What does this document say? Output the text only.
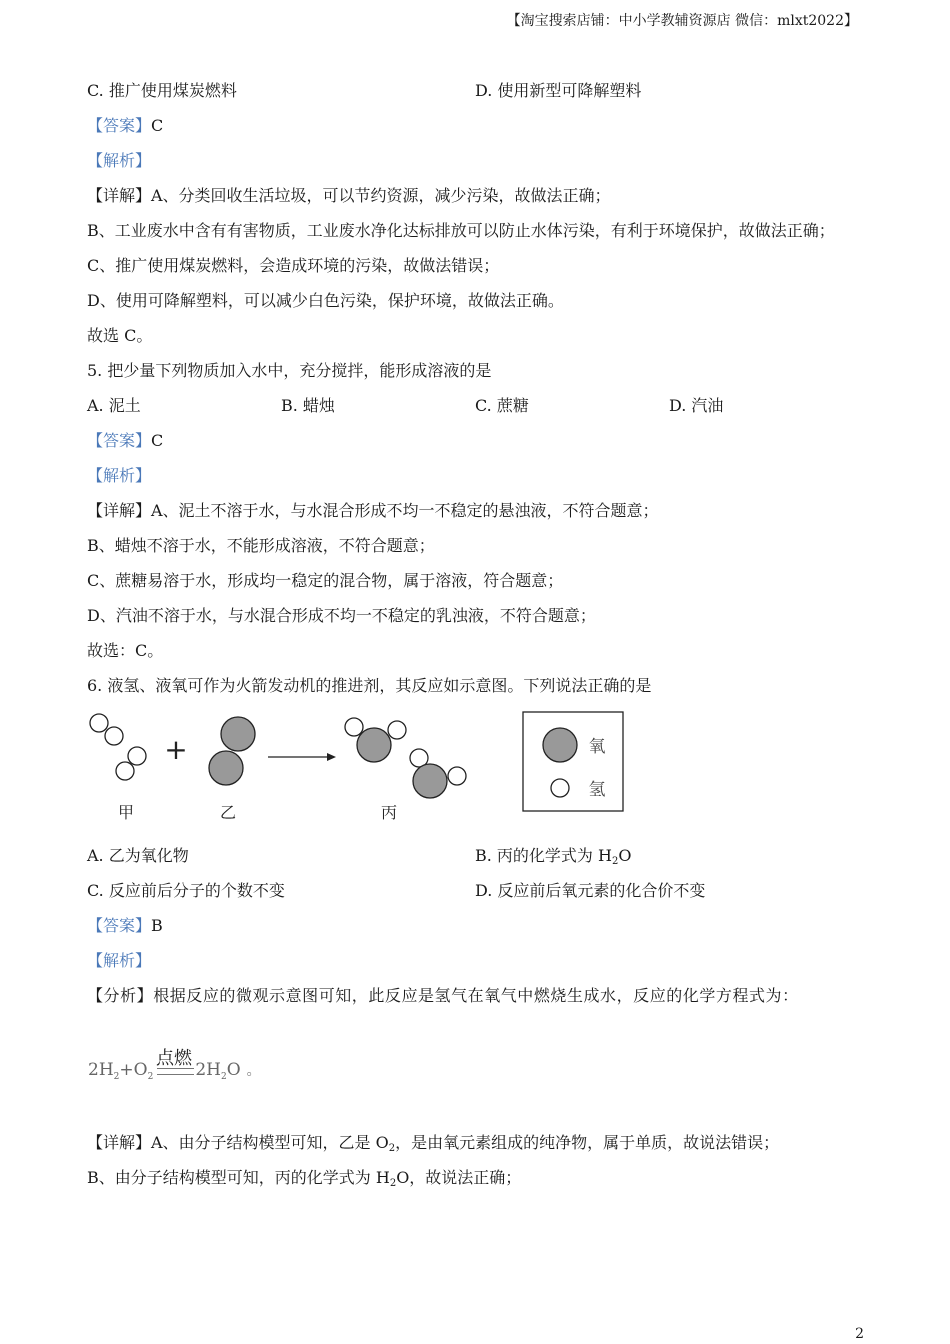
【淘宝搜索店铺：中小学教辅资源店 微信：mlxt2022】
C. 推广使用煤炭燃料	D. 使用新型可降解塑料
【答案】C
【解析】
【详解】A、分类回收生活垃圾，可以节约资源，减少污染，故做法正确；
B、工业废水中含有有害物质，工业废水净化达标排放可以防止水体污染，有利于环境保护，故做法正确；
C、推广使用煤炭燃料，会造成环境的污染，故做法错误；
D、使用可降解塑料，可以减少白色污染，保护环境，故做法正确。
故选 C。
5. 把少量下列物质加入水中，充分搅拌，能形成溶液的是
A. 泥土	B. 蜡烛	C. 蔗糖	D. 汽油
【答案】C
【解析】
【详解】A、泥土不溶于水，与水混合形成不均一不稳定的悬浊液，不符合题意；
B、蜡烛不溶于水，不能形成溶液，不符合题意；
C、蔗糖易溶于水，形成均一稳定的混合物，属于溶液，符合题意；
D、汽油不溶于水，与水混合形成不均一不稳定的乳浊液，不符合题意；
故选：C。
6. 液氢、液氧可作为火箭发动机的推进剂，其反应如示意图。下列说法正确的是
+
甲	乙	丙
氧
氢
A. 乙为氧化物	B. 丙的化学式为 $H_2O$
C. 反应前后分子的个数不变	D. 反应前后氧元素的化合价不变
【答案】B
【解析】
【分析】根据反应的微观示意图可知，此反应是氢气在氧气中燃烧生成水，反应的化学方程式为：
点燃
$2H_2+O_2$ $2H_2O$ 。
【详解】A、由分子结构模型可知，乙是 $O_2$，是由氧元素组成的纯净物，属于单质，故说法错误；
B、由分子结构模型可知，丙的化学式为 $H_2O$，故说法正确；
2
